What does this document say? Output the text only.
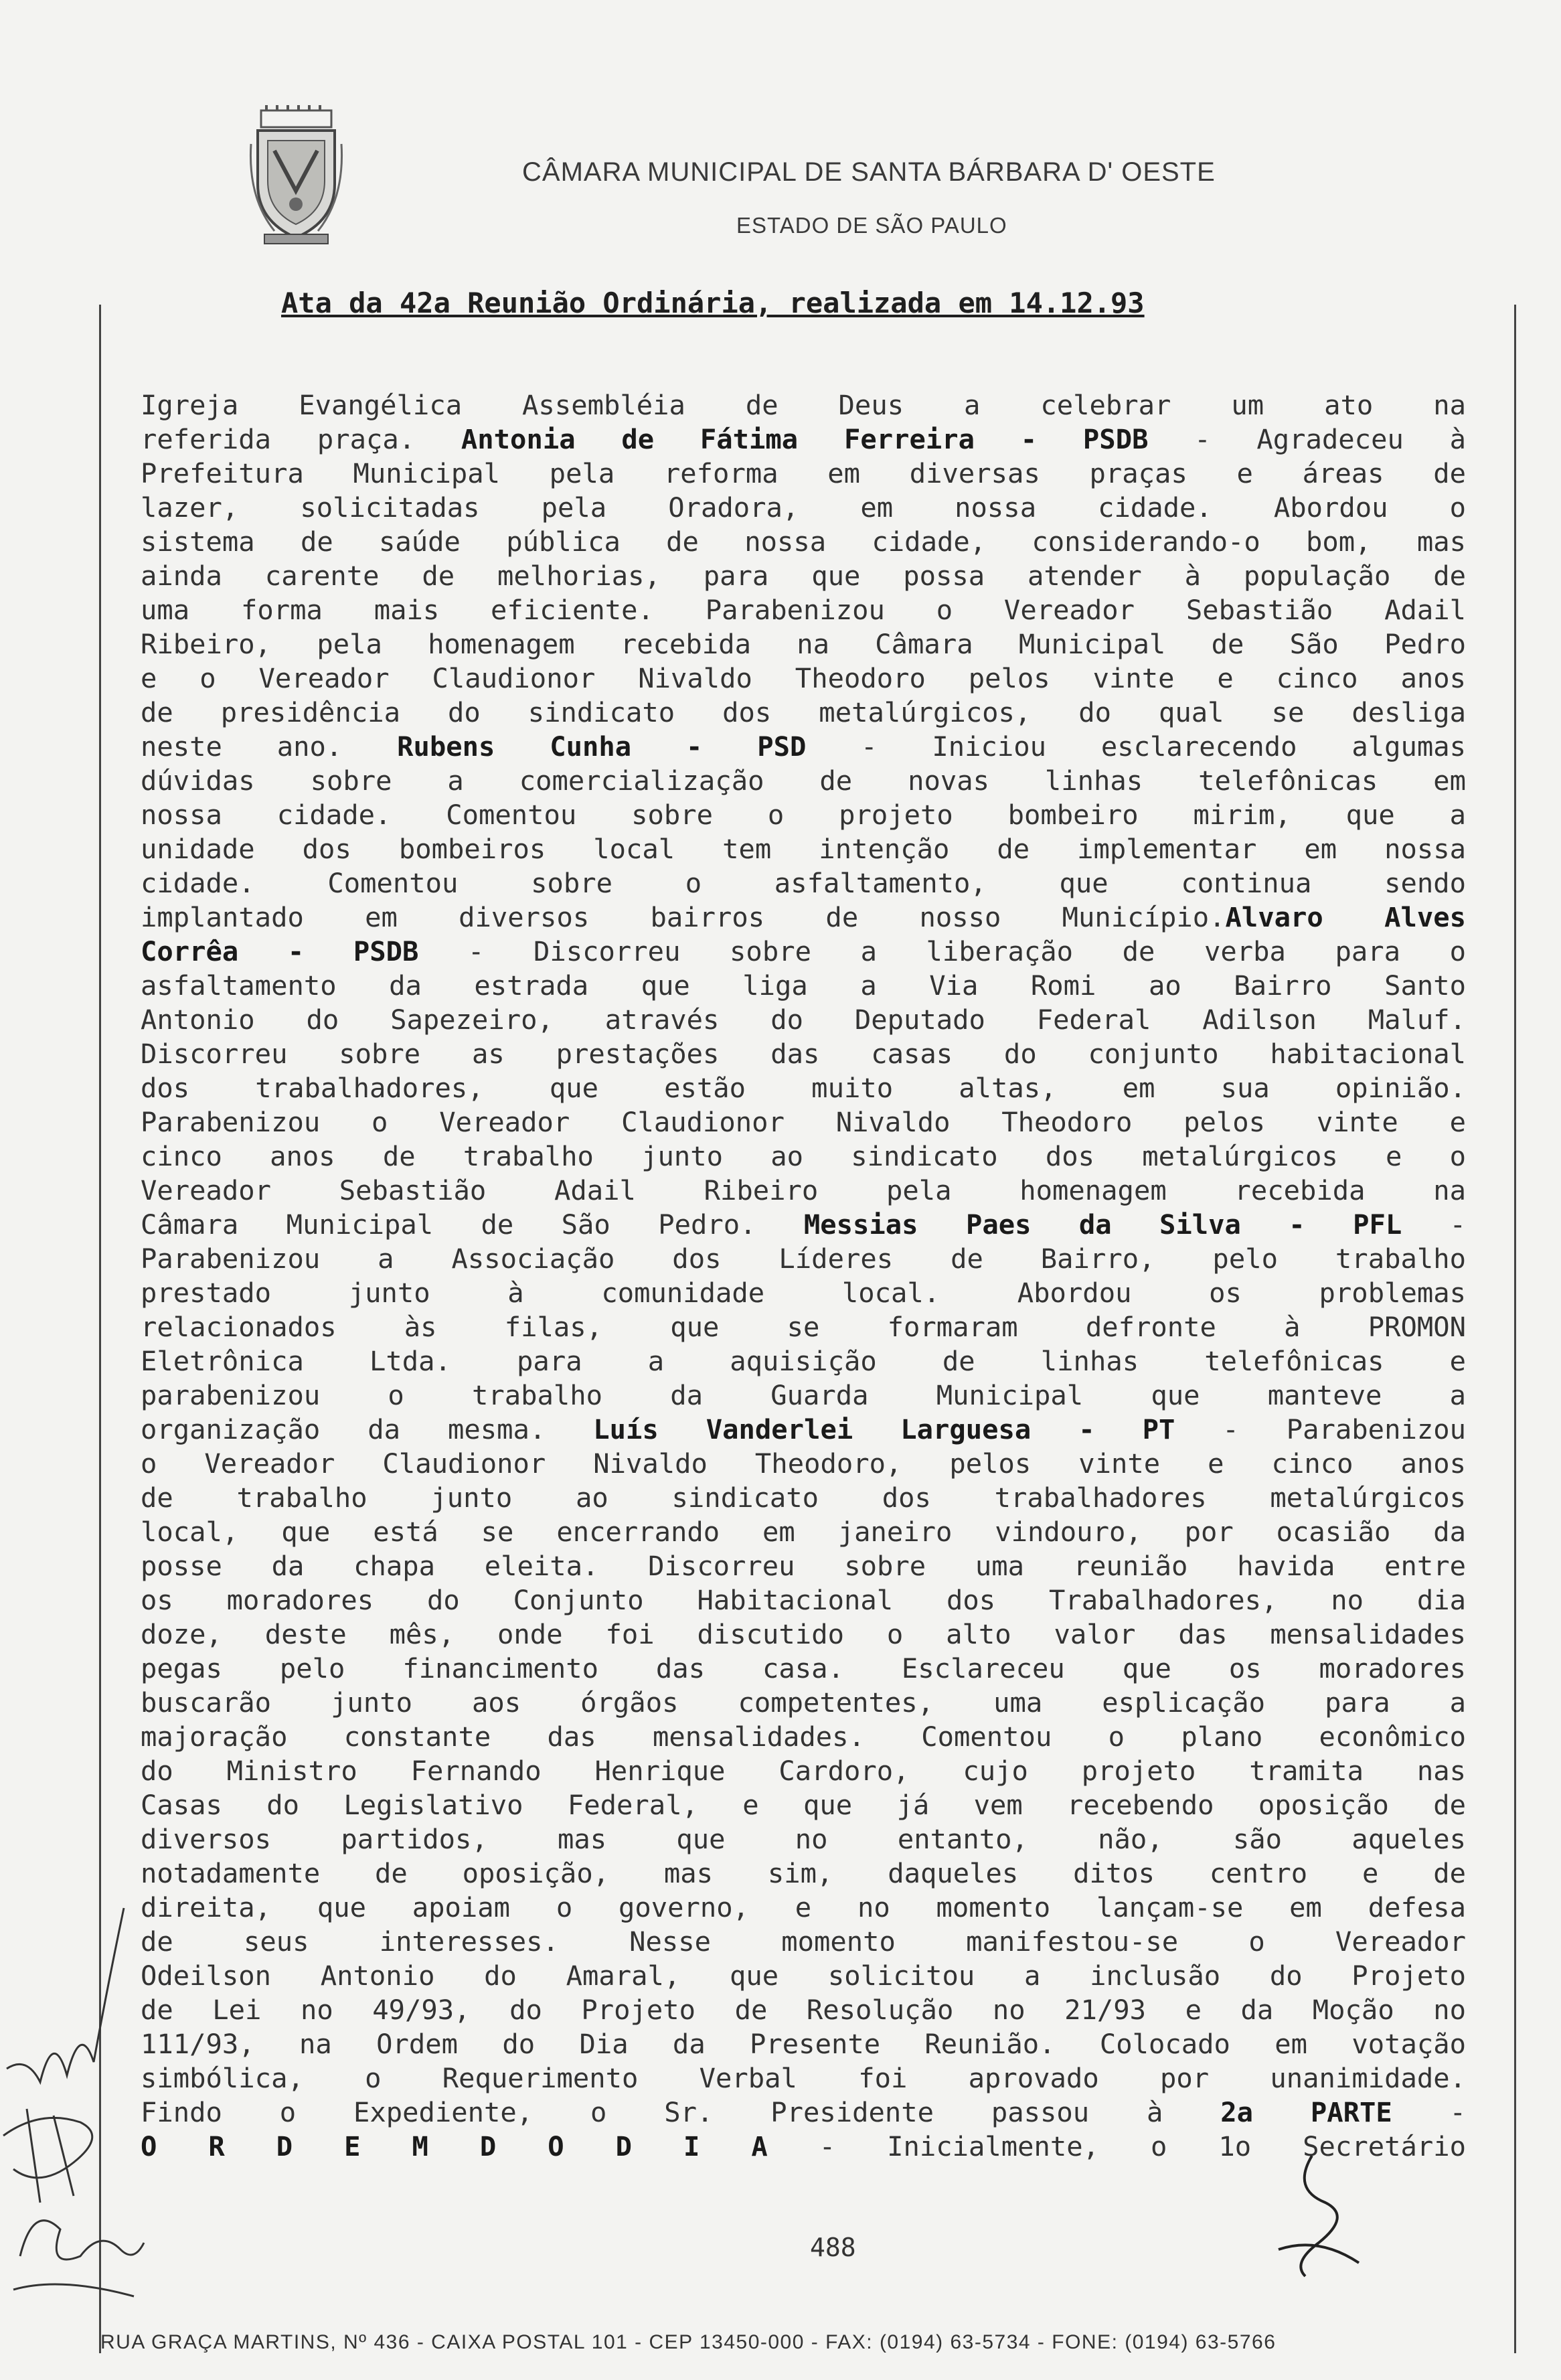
CÂMARA MUNICIPAL DE SANTA BÁRBARA D' OESTE
ESTADO DE SÃO PAULO
Ata da 42a Reunião Ordinária, realizada em 14.12.93
Igreja Evangélica Assembléia de Deus a celebrar um ato na
referida praça. Antonia de Fátima Ferreira - PSDB - Agradeceu à
Prefeitura Municipal pela reforma em diversas praças e áreas de
lazer, solicitadas pela Oradora, em nossa cidade. Abordou o
sistema de saúde pública de nossa cidade, considerando-o bom, mas
ainda carente de melhorias, para que possa atender à população de
uma forma mais eficiente. Parabenizou o Vereador Sebastião Adail
Ribeiro, pela homenagem recebida na Câmara Municipal de São Pedro
e o Vereador Claudionor Nivaldo Theodoro pelos vinte e cinco anos
de presidência do sindicato dos metalúrgicos, do qual se desliga
neste ano. Rubens Cunha - PSD - Iniciou esclarecendo algumas
dúvidas sobre a comercialização de novas linhas telefônicas em
nossa cidade. Comentou sobre o projeto bombeiro mirim, que a
unidade dos bombeiros local tem intenção de implementar em nossa
cidade. Comentou sobre o asfaltamento, que continua sendo
implantado em diversos bairros de nosso Município.Alvaro Alves
Corrêa - PSDB - Discorreu sobre a liberação de verba para o
asfaltamento da estrada que liga a Via Romi ao Bairro Santo
Antonio do Sapezeiro, através do Deputado Federal Adilson Maluf.
Discorreu sobre as prestações das casas do conjunto habitacional
dos trabalhadores, que estão muito altas, em sua opinião.
Parabenizou o Vereador Claudionor Nivaldo Theodoro pelos vinte e
cinco anos de trabalho junto ao sindicato dos metalúrgicos e o
Vereador Sebastião Adail Ribeiro pela homenagem recebida na
Câmara Municipal de São Pedro. Messias Paes da Silva - PFL -
Parabenizou a Associação dos Líderes de Bairro, pelo trabalho
prestado junto à comunidade local. Abordou os problemas
relacionados às filas, que se formaram defronte à PROMON
Eletrônica Ltda. para a aquisição de linhas telefônicas e
parabenizou o trabalho da Guarda Municipal que manteve a
organização da mesma. Luís Vanderlei Larguesa - PT - Parabenizou
o Vereador Claudionor Nivaldo Theodoro, pelos vinte e cinco anos
de trabalho junto ao sindicato dos trabalhadores metalúrgicos
local, que está se encerrando em janeiro vindouro, por ocasião da
posse da chapa eleita. Discorreu sobre uma reunião havida entre
os moradores do Conjunto Habitacional dos Trabalhadores, no dia
doze, deste mês, onde foi discutido o alto valor das mensalidades
pegas pelo financimento das casa. Esclareceu que os moradores
buscarão junto aos órgãos competentes, uma esplicação para a
majoração constante das mensalidades. Comentou o plano econômico
do Ministro Fernando Henrique Cardoro, cujo projeto tramita nas
Casas do Legislativo Federal, e que já vem recebendo oposição de
diversos partidos, mas que no entanto, não, são aqueles
notadamente de oposição, mas sim, daqueles ditos centro e de
direita, que apoiam o governo, e no momento lançam-se em defesa
de seus interesses. Nesse momento manifestou-se o Vereador
Odeilson Antonio do Amaral, que solicitou a inclusão do Projeto
de Lei no 49/93, do Projeto de Resolução no 21/93 e da Moção no
111/93, na Ordem do Dia da Presente Reunião. Colocado em votação
simbólica, o Requerimento Verbal foi aprovado por unanimidade.
Findo o Expediente, o Sr. Presidente passou à 2a PARTE -
O R D E M D O D I A - Inicialmente, o 1o Secretário
488
RUA GRAÇA MARTINS, Nº 436 - CAIXA POSTAL 101 - CEP 13450-000 - FAX: (0194) 63-5734 - FONE: (0194) 63-5766
